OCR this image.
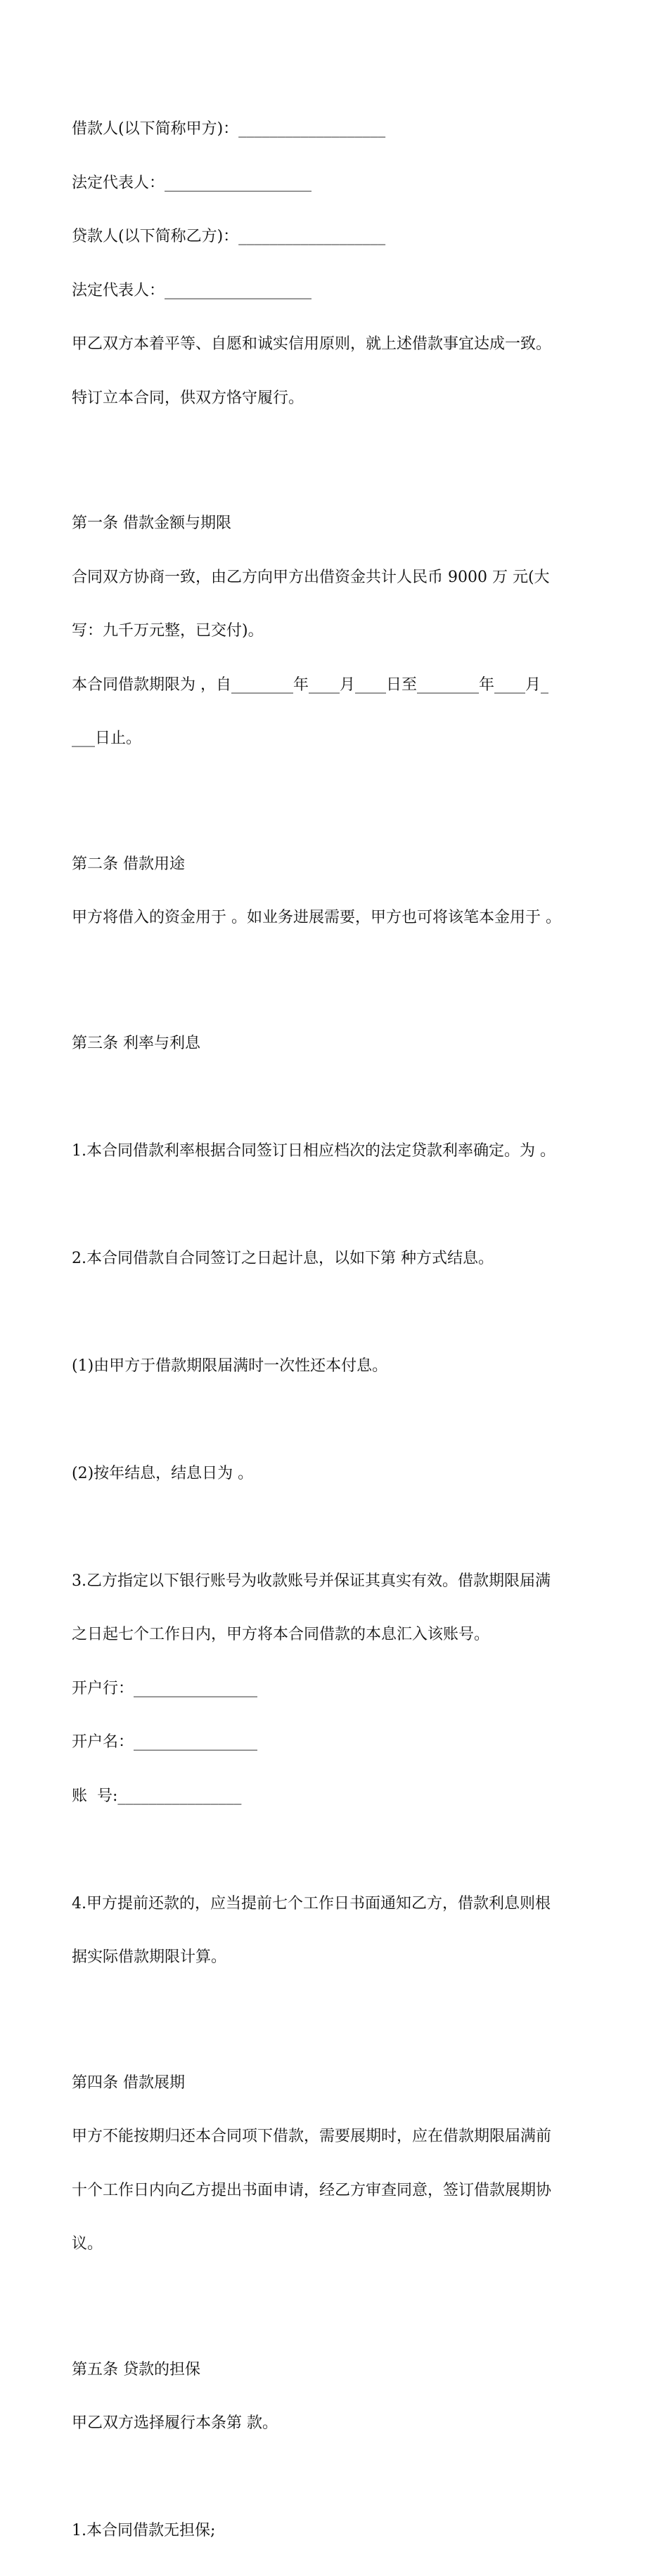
借款人(以下简称甲方)：___________________

法定代表人：___________________

贷款人(以下简称乙方)：___________________

法定代表人：___________________

甲乙双方本着平等、自愿和诚实信用原则，就上述借款事宜达成一致。

特订立本合同，供双方恪守履行。

第一条 借款金额与期限

合同双方协商一致，由乙方向甲方出借资金共计人民币 9000 万 元(大

写：九千万元整，已交付)。

本合同借款期限为 ，自________年____月____日至________年____月_

___日止。

第二条 借款用途

甲方将借入的资金用于 。如业务进展需要，甲方也可将该笔本金用于 。

第三条 利率与利息

1.本合同借款利率根据合同签订日相应档次的法定贷款利率确定。为 。

2.本合同借款自合同签订之日起计息，以如下第 种方式结息。

(1)由甲方于借款期限届满时一次性还本付息。

(2)按年结息，结息日为 。

3.乙方指定以下银行账号为收款账号并保证其真实有效。借款期限届满

之日起七个工作日内，甲方将本合同借款的本息汇入该账号。

开户行：________________

开户名：________________

账  号:________________

4.甲方提前还款的，应当提前七个工作日书面通知乙方，借款利息则根

据实际借款期限计算。

第四条 借款展期

甲方不能按期归还本合同项下借款，需要展期时，应在借款期限届满前

十个工作日内向乙方提出书面申请，经乙方审查同意，签订借款展期协

议。

第五条 贷款的担保

甲乙双方选择履行本条第 款。

1.本合同借款无担保;
